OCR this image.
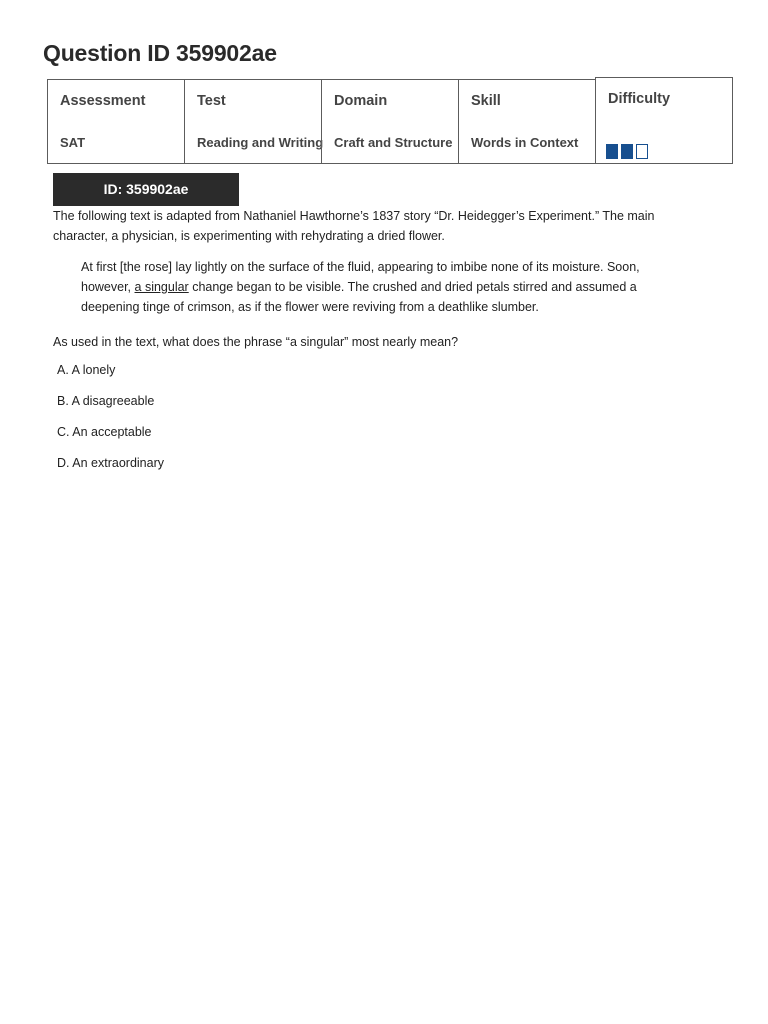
Question ID 359902ae
Assessment
SAT
Test
Reading and Writing
Domain
Craft and Structure
Skill
Words in Context
Difficulty
ID: 359902ae

The following text is adapted from Nathaniel Hawthorne’s 1837 story “Dr. Heidegger’s Experiment.” The main character, a physician, is experimenting with rehydrating a dried flower.

At first [the rose] lay lightly on the surface of the fluid, appearing to imbibe none of its moisture. Soon, however, a singular change began to be visible. The crushed and dried petals stirred and assumed a deepening tinge of crimson, as if the flower were reviving from a deathlike slumber.

As used in the text, what does the phrase “a singular” most nearly mean?

A. A lonely
B. A disagreeable
C. An acceptable
D. An extraordinary
